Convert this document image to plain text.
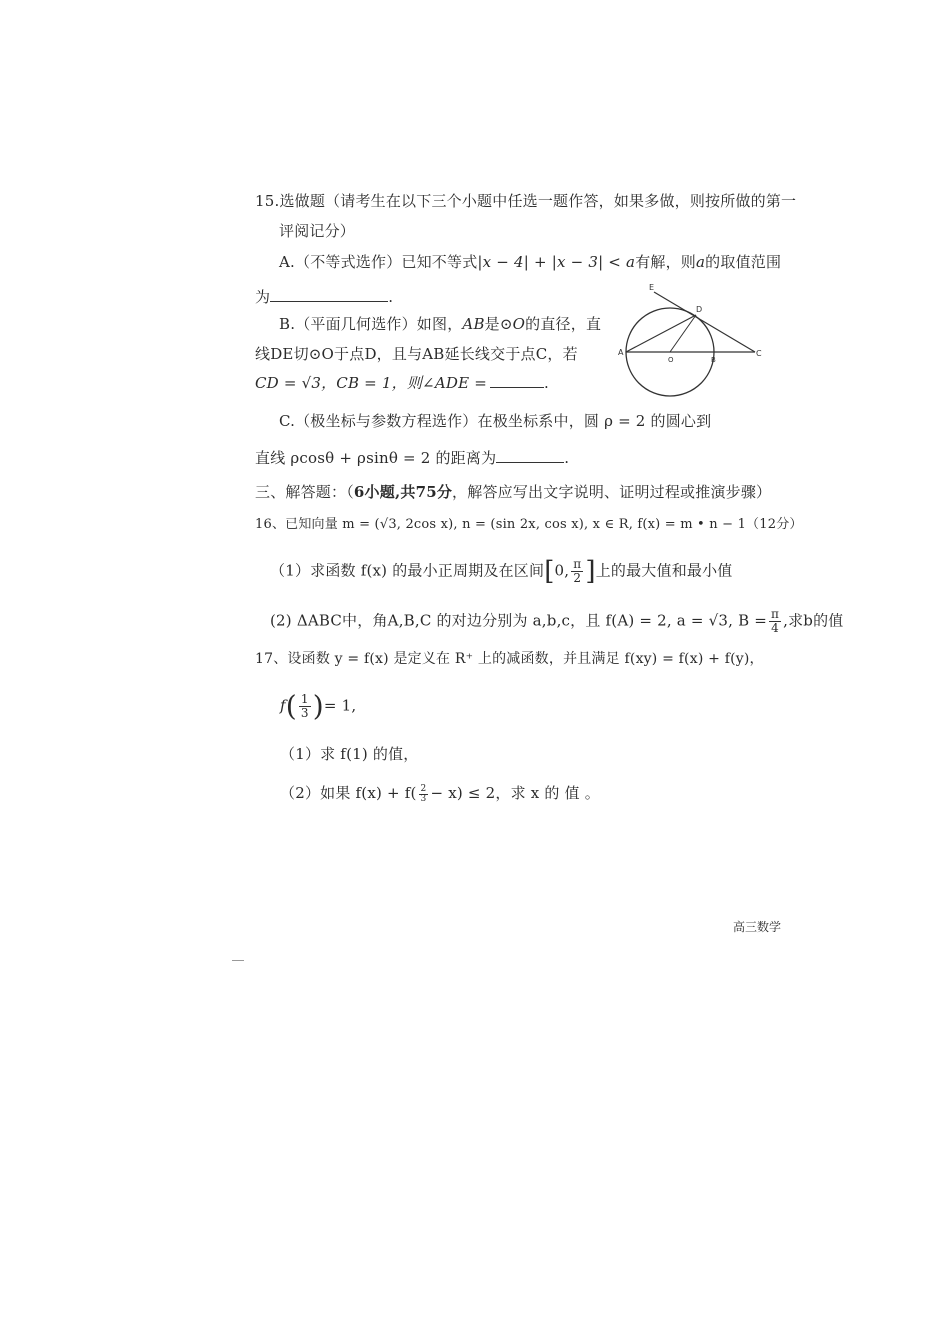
15.选做题（请考生在以下三个小题中任选一题作答，如果多做，则按所做的第一
评阅记分）
A.（不等式选作）已知不等式|x − 4| + |x − 3| < a有解，则a的取值范围
为	.
B.（平面几何选作）如图，AB是⊙O的直径，直
线DE切⊙O于点D，且与AB延长线交于点C，若
CD = √3，CB = 1，则∠ADE =	.
E
D
A
O	B
C
C.（极坐标与参数方程选作）在极坐标系中，圆 ρ = 2 的圆心到
直线 ρcosθ + ρsinθ = 2 的距离为	.
三、解答题：（6小题,共75分，解答应写出文字说明、证明过程或推演步骤）
16、已知向量 m = (√3, 2cos x), n = (sin 2x, cos x), x ∈ R, f(x) = m • n − 1（12分）
（1）求函数 f(x) 的最小正周期及在区间[0, $\frac{\pi}{2}$ ]上的最大值和最小值
(2) ΔABC中，角A,B,C 的对边分别为 a,b,c，且 f(A) = 2, a = √3, $B = \frac{\pi}{4}$ ,求b的值
17、设函数 y = f(x) 是定义在 R⁺ 上的减函数，并且满足 f(xy) = f(x) + f(y)，
$f( \frac{1}{3}$ )= 1,
（1）求 f(1) 的值，
（2）如果 $f(x) + f( \frac{2}{3} - x) \le 2$，求 x 的 值 。
高三数学
